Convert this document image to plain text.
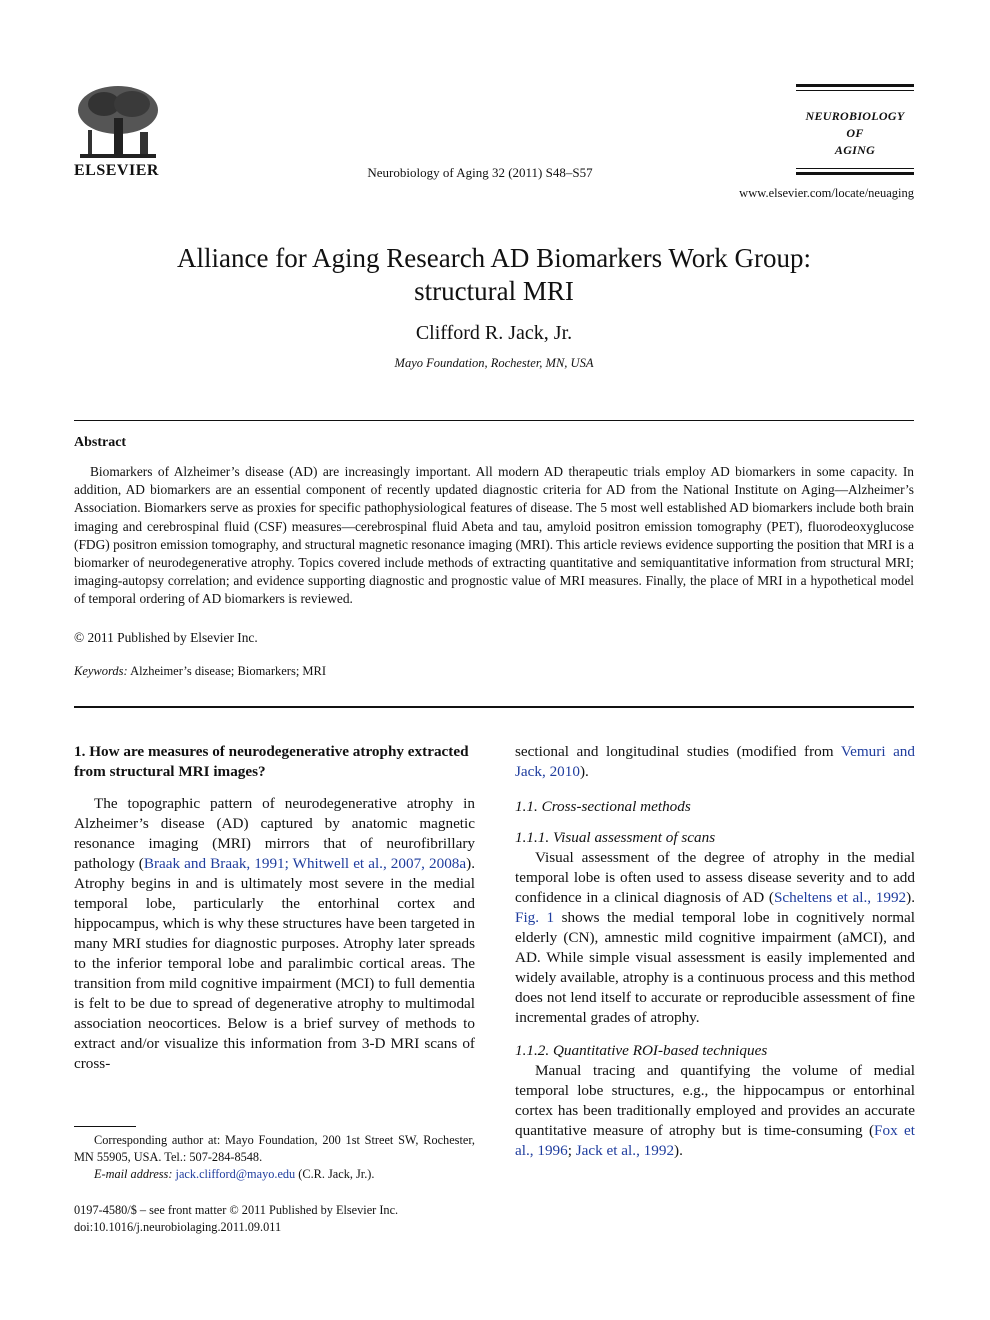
ELSEVIER	Neurobiology of Aging 32 (2011) S48–S57
NEUROBIOLOGY
OF
AGING
www.elsevier.com/locate/neuaging
Alliance for Aging Research AD Biomarkers Work Group:
structural MRI
Clifford R. Jack, Jr.
Mayo Foundation, Rochester, MN, USA
Abstract
Biomarkers of Alzheimer’s disease (AD) are increasingly important. All modern AD therapeutic trials employ AD biomarkers in some capacity. In addition, AD biomarkers are an essential component of recently updated diagnostic criteria for AD from the National Institute on Aging—Alzheimer’s Association. Biomarkers serve as proxies for specific pathophysiological features of disease. The 5 most well established AD biomarkers include both brain imaging and cerebrospinal fluid (CSF) measures—cerebrospinal fluid Abeta and tau, amyloid positron emission tomography (PET), fluorodeoxyglucose (FDG) positron emission tomography, and structural magnetic resonance imaging (MRI). This article reviews evidence supporting the position that MRI is a biomarker of neurodegenerative atrophy. Topics covered include methods of extracting quantitative and semiquantitative information from structural MRI; imaging-autopsy correlation; and evidence supporting diagnostic and prognostic value of MRI measures. Finally, the place of MRI in a hypothetical model of temporal ordering of AD biomarkers is reviewed.
© 2011 Published by Elsevier Inc.
Keywords: Alzheimer’s disease; Biomarkers; MRI
1. How are measures of neurodegenerative atrophy extracted from structural MRI images?

The topographic pattern of neurodegenerative atrophy in Alzheimer’s disease (AD) captured by anatomic magnetic resonance imaging (MRI) mirrors that of neurofibrillary pathology (Braak and Braak, 1991; Whitwell et al., 2007, 2008a). Atrophy begins in and is ultimately most severe in the medial temporal lobe, particularly the entorhinal cortex and hippocampus, which is why these structures have been targeted in many MRI studies for diagnostic purposes. Atrophy later spreads to the inferior temporal lobe and paralimbic cortical areas. The transition from mild cognitive impairment (MCI) to full dementia is felt to be due to spread of degenerative atrophy to multimodal association neocortices. Below is a brief survey of methods to extract and/or visualize this information from 3-D MRI scans of cross-

sectional and longitudinal studies (modified from Vemuri and Jack, 2010).

1.1. Cross-sectional methods
1.1.1. Visual assessment of scans

Visual assessment of the degree of atrophy in the medial temporal lobe is often used to assess disease severity and to add confidence in a clinical diagnosis of AD (Scheltens et al., 1992). Fig. 1 shows the medial temporal lobe in cognitively normal elderly (CN), amnestic mild cognitive impairment (aMCI), and AD. While simple visual assessment is easily implemented and widely available, atrophy is a continuous process and this method does not lend itself to accurate or reproducible assessment of fine incremental grades of atrophy.

1.1.2. Quantitative ROI-based techniques

Manual tracing and quantifying the volume of medial temporal lobe structures, e.g., the hippocampus or entorhinal cortex has been traditionally employed and provides an accurate quantitative measure of atrophy but is time-consuming (Fox et al., 1996; Jack et al., 1992).

Corresponding author at: Mayo Foundation, 200 1st Street SW, Rochester, MN 55905, USA. Tel.: 507-284-8548.
E-mail address: jack.clifford@mayo.edu (C.R. Jack, Jr.).
0197-4580/$ – see front matter © 2011 Published by Elsevier Inc.
doi:10.1016/j.neurobiolaging.2011.09.011
